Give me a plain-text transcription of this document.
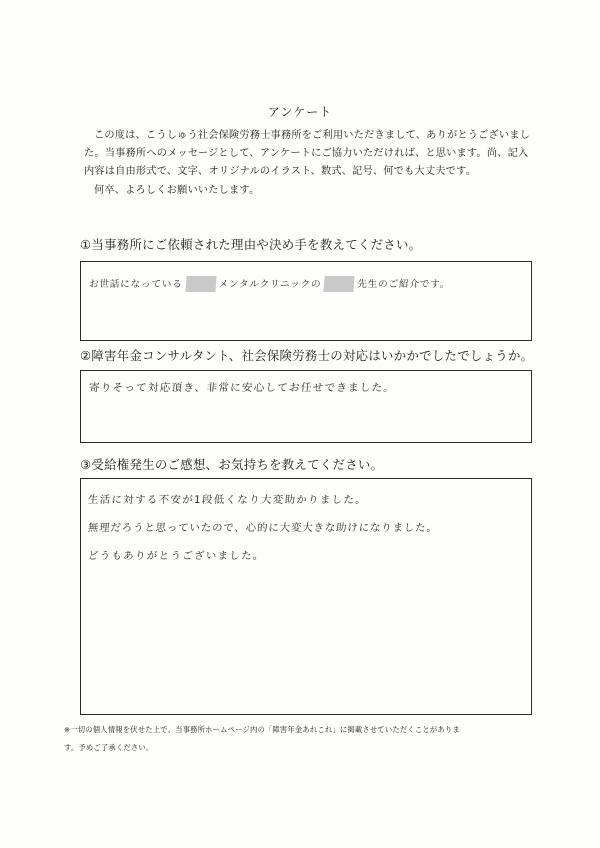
アンケート

この度は、こうしゅう社会保険労務士事務所をご利用いただきまして、ありがとうございまし

た。当事務所へのメッセージとして、アンケートにご協力いただければ、と思います。尚、記入

内容は自由形式で、文字、オリジナルのイラスト、数式、記号、何でも大丈夫です。

何卒、よろしくお願いいたします。

①当事務所にご依頼された理由や決め手を教えてください。
お世話になっている	メンタルクリニックの	先生のご紹介です。
②障害年金コンサルタント、社会保険労務士の対応はいかかでしたでしょうか。
寄りそって対応頂き、非常に安心してお任せできました。
③受給権発生のご感想、お気持ちを教えてください。
生活に対する不安が1段低くなり大変助かりました。
無理だろうと思っていたので、心的に大変大きな助けになりました。
どうもありがとうございました。
※一切の個人情報を伏せた上で、当事務所ホームページ内の「障害年金あれこれ」に掲載させていただくことがありま
す。予めご了承ください。
